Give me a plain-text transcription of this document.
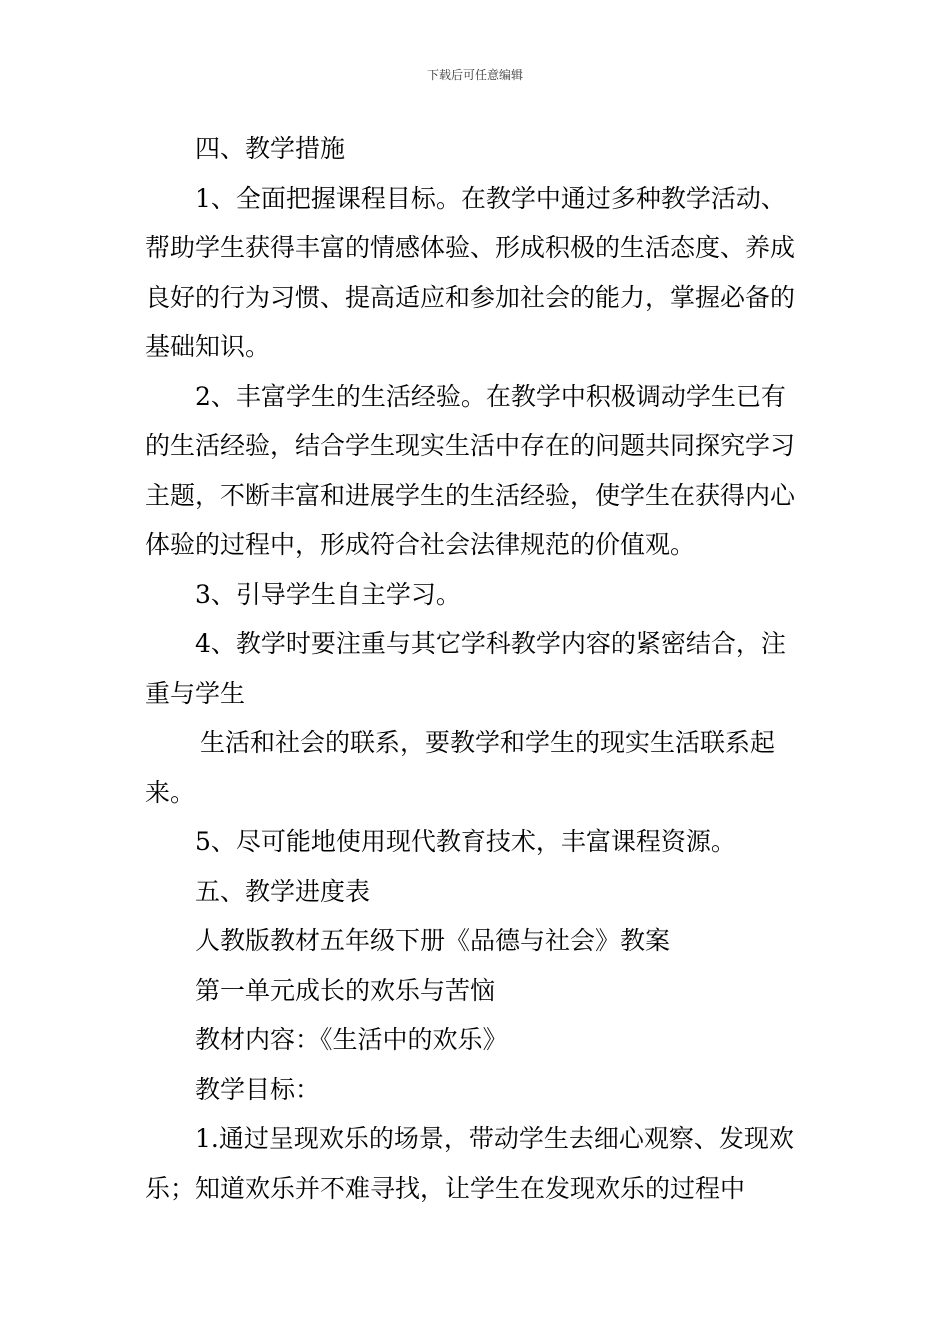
下载后可任意编辑

四、教学措施

1、全面把握课程目标。在教学中通过多种教学活动、帮助学生获得丰富的情感体验、形成积极的生活态度、养成良好的行为习惯、提高适应和参加社会的能力，掌握必备的基础知识。

2、丰富学生的生活经验。在教学中积极调动学生已有的生活经验，结合学生现实生活中存在的问题共同探究学习主题，不断丰富和进展学生的生活经验，使学生在获得内心体验的过程中，形成符合社会法律规范的价值观。

3、引导学生自主学习。

4、教学时要注重与其它学科教学内容的紧密结合，注重与学生

生活和社会的联系，要教学和学生的现实生活联系起来。

5、尽可能地使用现代教育技术，丰富课程资源。

五、教学进度表

人教版教材五年级下册《品德与社会》教案

第一单元成长的欢乐与苦恼

教材内容：《生活中的欢乐》

教学目标：

1.通过呈现欢乐的场景，带动学生去细心观察、发现欢乐；知道欢乐并不难寻找，让学生在发现欢乐的过程中
